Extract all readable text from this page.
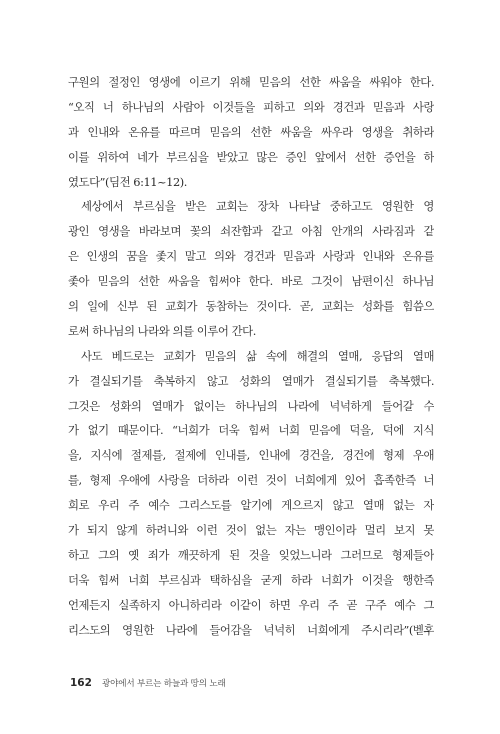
구원의 절정인 영생에 이르기 위해 믿음의 선한 싸움을 싸워야 한다.
“오직 너 하나님의 사람아 이것들을 피하고 의와 경건과 믿음과 사랑
과 인내와 온유를 따르며 믿음의 선한 싸움을 싸우라 영생을 취하라
이를 위하여 네가 부르심을 받았고 많은 증인 앞에서 선한 증언을 하
였도다”(딤전 6:11~12).
세상에서 부르심을 받은 교회는 장차 나타날 중하고도 영원한 영
광인 영생을 바라보며 꽃의 쇠잔함과 같고 아침 안개의 사라짐과 같
은 인생의 꿈을 좇지 말고 의와 경건과 믿음과 사랑과 인내와 온유를
좇아 믿음의 선한 싸움을 힘써야 한다. 바로 그것이 남편이신 하나님
의 일에 신부 된 교회가 동참하는 것이다. 곧, 교회는 성화를 힘씀으
로써 하나님의 나라와 의를 이루어 간다.
사도 베드로는 교회가 믿음의 삶 속에 해결의 열매, 응답의 열매
가 결실되기를 축복하지 않고 성화의 열매가 결실되기를 축복했다.
그것은 성화의 열매가 없이는 하나님의 나라에 넉넉하게 들어갈 수
가 없기 때문이다. “너희가 더욱 힘써 너희 믿음에 덕을, 덕에 지식
을, 지식에 절제를, 절제에 인내를, 인내에 경건을, 경건에 형제 우애
를, 형제 우애에 사랑을 더하라 이런 것이 너희에게 있어 흡족한즉 너
희로 우리 주 예수 그리스도를 알기에 게으르지 않고 열매 없는 자
가 되지 않게 하려니와 이런 것이 없는 자는 맹인이라 멀리 보지 못
하고 그의 옛 죄가 깨끗하게 된 것을 잊었느니라 그러므로 형제들아
더욱 힘써 너희 부르심과 택하심을 굳게 하라 너희가 이것을 행한즉
언제든지 실족하지 아니하리라 이같이 하면 우리 주 곧 구주 예수 그
리스도의 영원한 나라에 들어감을 넉넉히 너희에게 주시리라”(벧후
162 광야에서 부르는 하늘과 땅의 노래
